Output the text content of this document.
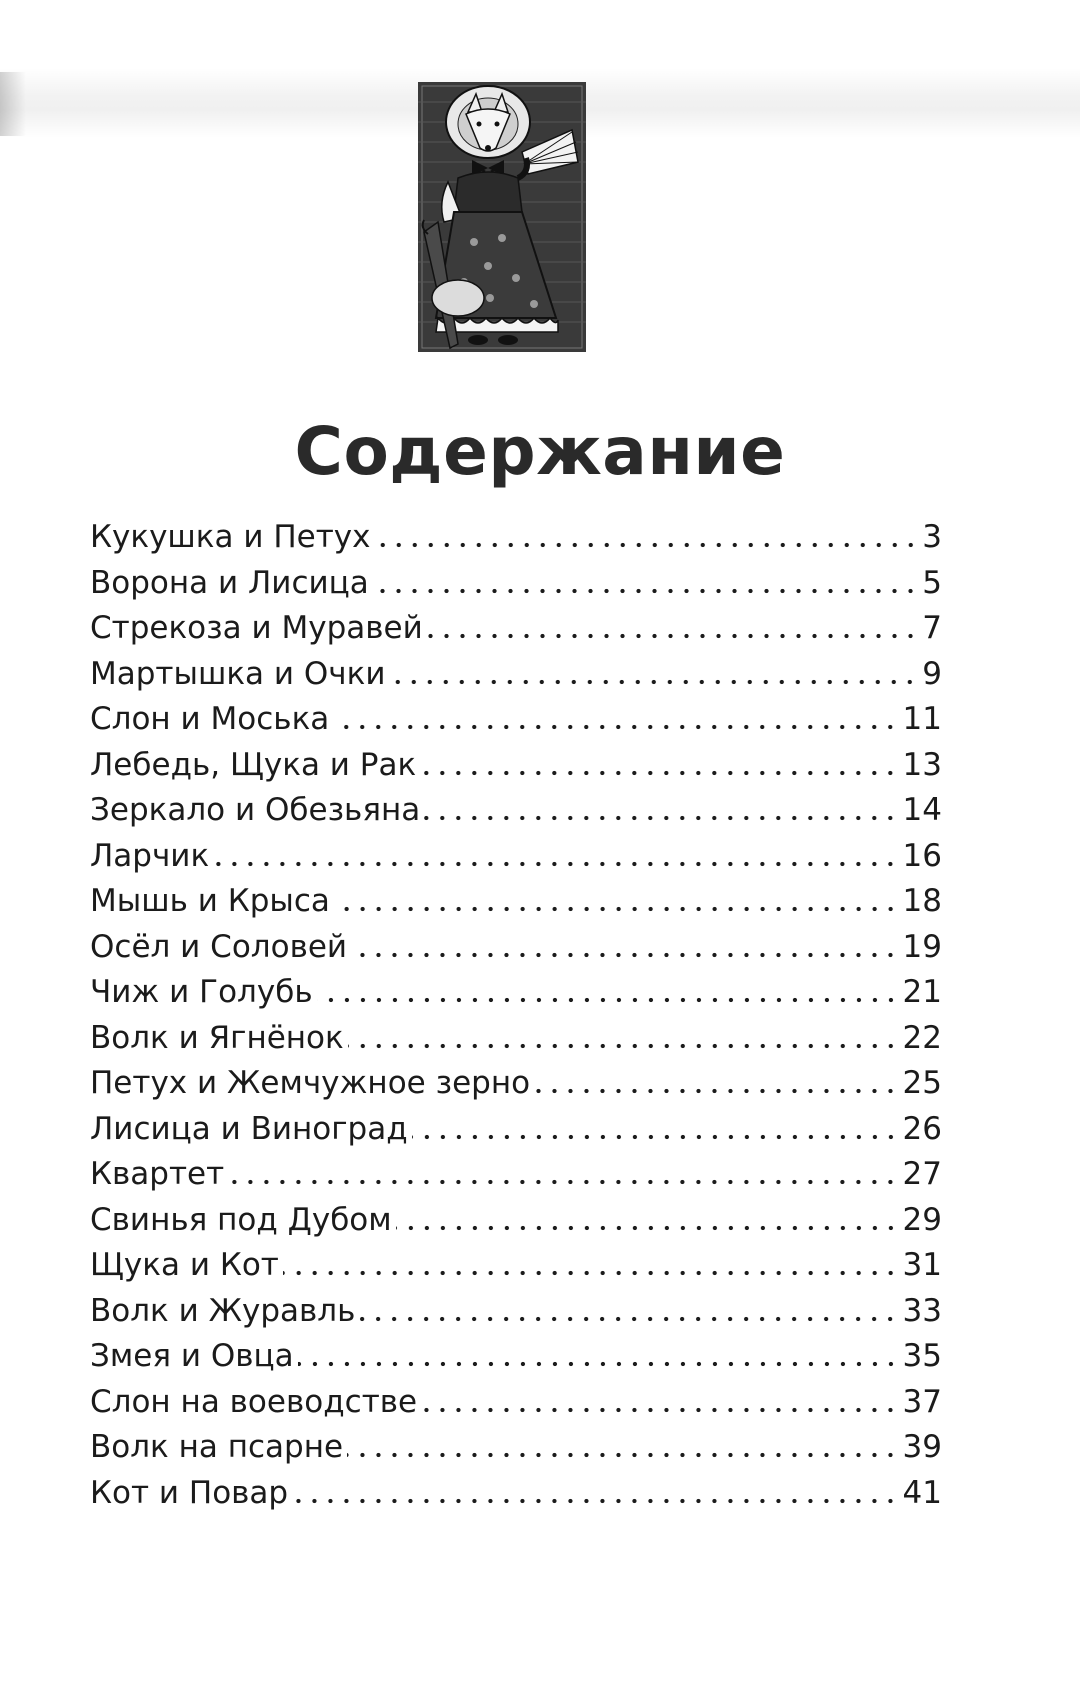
Содержание
Кукушка и Петух	3
Ворона и Лисица	5
Стрекоза и Муравей	7
Мартышка и Очки	9
Слон и Моська	11
Лебедь, Щука и Рак	13
Зеркало и Обезьяна	14
Ларчик	16
Мышь и Крыса	18
Осёл и Соловей	19
Чиж и Голубь	21
Волк и Ягнёнок	22
Петух и Жемчужное зерно	25
Лисица и Виноград	26
Квартет	27
Свинья под Дубом	29
Щука и Кот	31
Волк и Журавль	33
Змея и Овца	35
Слон на воеводстве	37
Волк на псарне	39
Кот и Повар	41
